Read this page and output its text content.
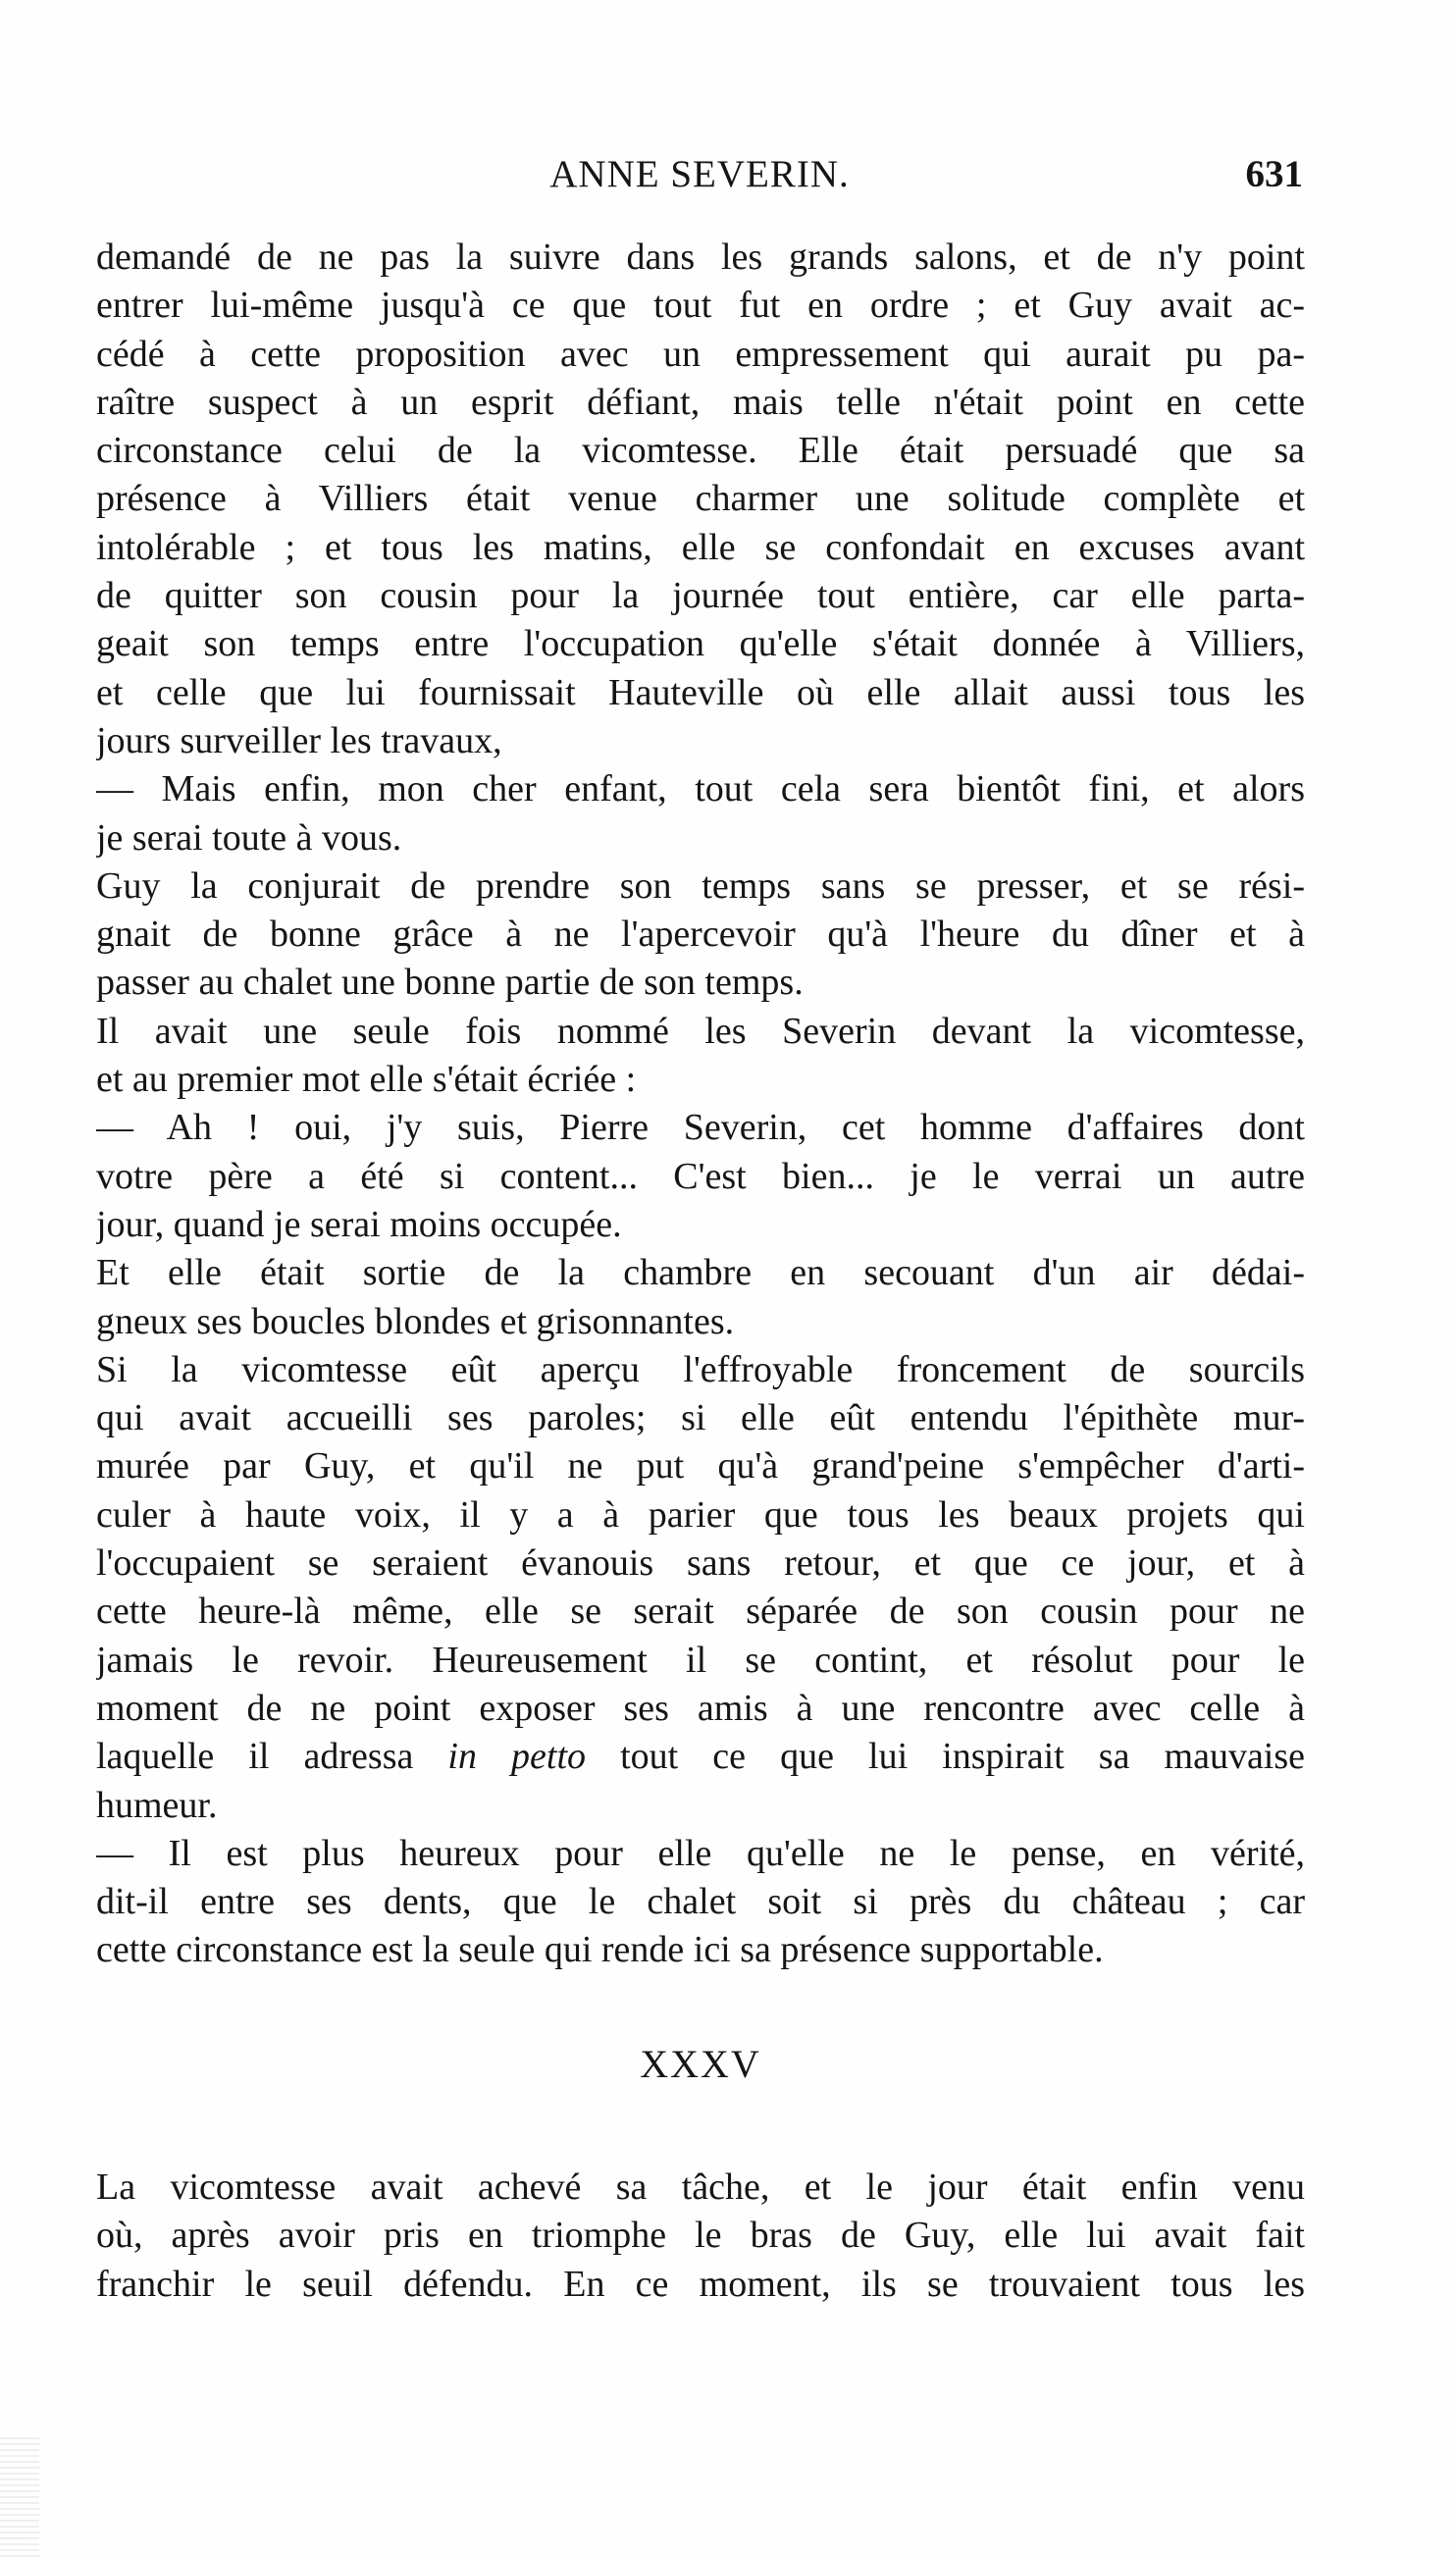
ANNE SEVERIN.	631
demandé de ne pas la suivre dans les grands salons, et de n'y point
entrer lui-même jusqu'à ce que tout fut en ordre ; et Guy avait ac-
cédé à cette proposition avec un empressement qui aurait pu pa-
raître suspect à un esprit défiant, mais telle n'était point en cette
circonstance celui de la vicomtesse. Elle était persuadé que sa
présence à Villiers était venue charmer une solitude complète et
intolérable ; et tous les matins, elle se confondait en excuses avant
de quitter son cousin pour la journée tout entière, car elle parta-
geait son temps entre l'occupation qu'elle s'était donnée à Villiers,
et celle que lui fournissait Hauteville où elle allait aussi tous les
jours surveiller les travaux,
— Mais enfin, mon cher enfant, tout cela sera bientôt fini, et alors
je serai toute à vous.
Guy la conjurait de prendre son temps sans se presser, et se rési-
gnait de bonne grâce à ne l'apercevoir qu'à l'heure du dîner et à
passer au chalet une bonne partie de son temps.
Il avait une seule fois nommé les Severin devant la vicomtesse,
et au premier mot elle s'était écriée :
— Ah ! oui, j'y suis, Pierre Severin, cet homme d'affaires dont
votre père a été si content... C'est bien... je le verrai un autre
jour, quand je serai moins occupée.
Et elle était sortie de la chambre en secouant d'un air dédai-
gneux ses boucles blondes et grisonnantes.
Si la vicomtesse eût aperçu l'effroyable froncement de sourcils
qui avait accueilli ses paroles; si elle eût entendu l'épithète mur-
murée par Guy, et qu'il ne put qu'à grand'peine s'empêcher d'arti-
culer à haute voix, il y a à parier que tous les beaux projets qui
l'occupaient se seraient évanouis sans retour, et que ce jour, et à
cette heure-là même, elle se serait séparée de son cousin pour ne
jamais le revoir. Heureusement il se contint, et résolut pour le
moment de ne point exposer ses amis à une rencontre avec celle à
laquelle il adressa in petto tout ce que lui inspirait sa mauvaise
humeur.
— Il est plus heureux pour elle qu'elle ne le pense, en vérité,
dit-il entre ses dents, que le chalet soit si près du château ; car
cette circonstance est la seule qui rende ici sa présence supportable.
XXXV
La vicomtesse avait achevé sa tâche, et le jour était enfin venu
où, après avoir pris en triomphe le bras de Guy, elle lui avait fait
franchir le seuil défendu. En ce moment, ils se trouvaient tous les
